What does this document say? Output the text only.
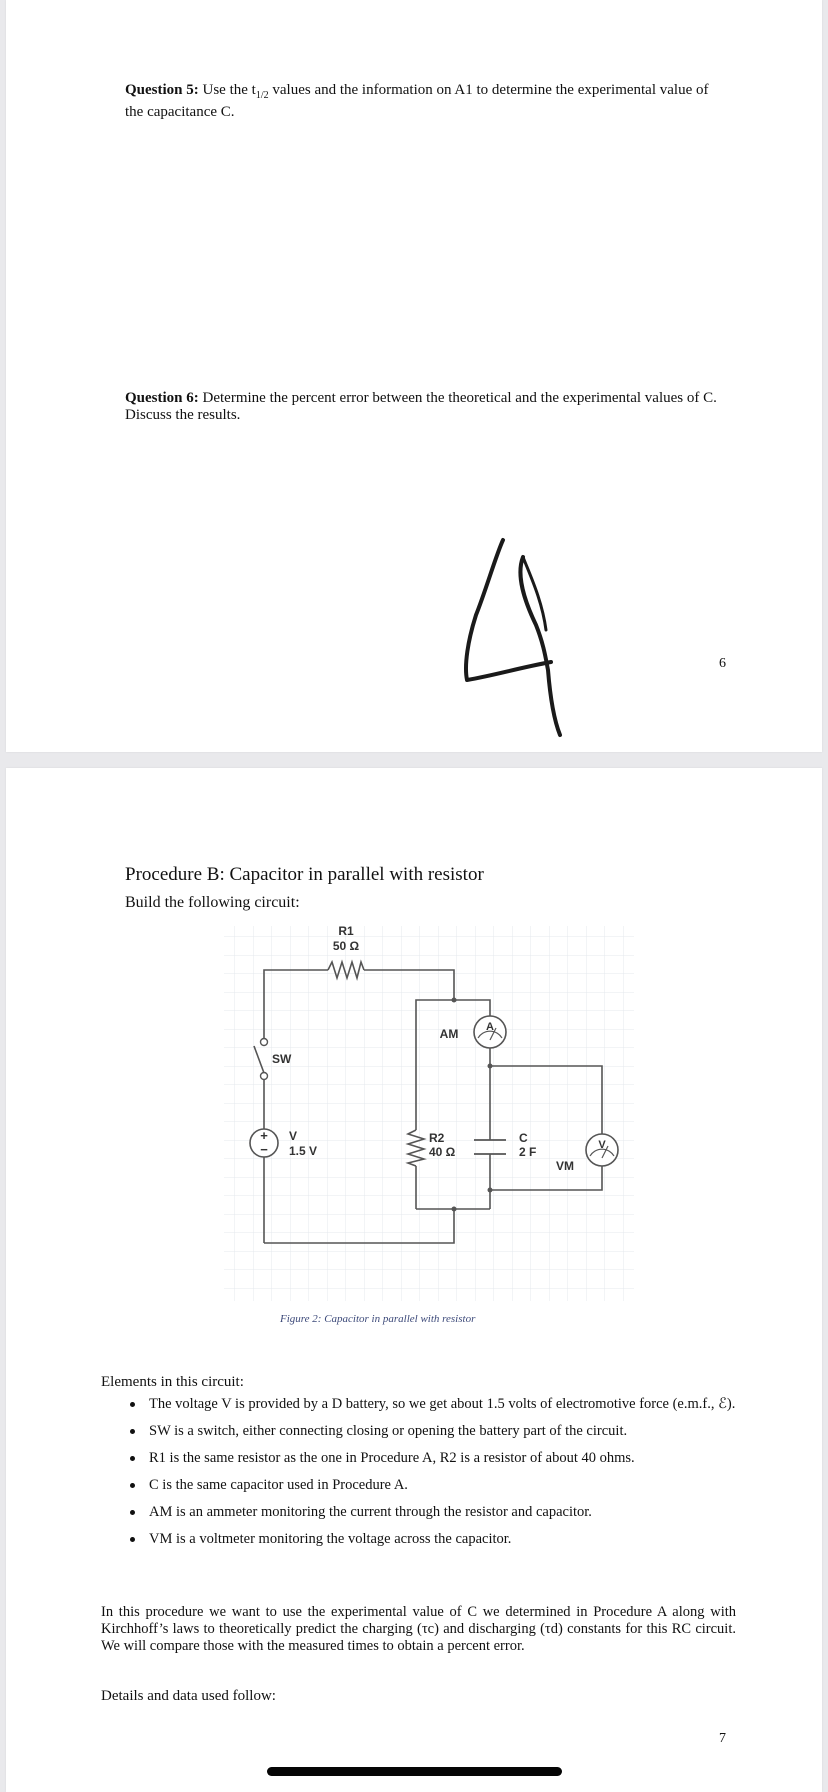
Question 5: Use the $t_{1/2}$ values and the information on A1 to determine the experimental value of the capacitance C.
Question 6: Determine the percent error between the theoretical and the experimental values of C. Discuss the results.
6
Procedure B: Capacitor in parallel with resistor
Build the following circuit:
R1
50 Ω
SW
+
−
V
1.5 V
A
AM
R2
40 Ω
C
2 F	V
VM
Figure 2: Capacitor in parallel with resistor
Elements in this circuit:
The voltage V is provided by a D battery, so we get about 1.5 volts of electromotive force (e.m.f., ℰ).
SW is a switch, either connecting closing or opening the battery part of the circuit.
R1 is the same resistor as the one in Procedure A, R2 is a resistor of about 40 ohms.
C is the same capacitor used in Procedure A.
AM is an ammeter monitoring the current through the resistor and capacitor.
VM is a voltmeter monitoring the voltage across the capacitor.
In this procedure we want to use the experimental value of C we determined in Procedure A along with Kirchhoff’s laws to theoretically predict the charging (τc) and discharging (τd) constants for this RC circuit. We will compare those with the measured times to obtain a percent error.
Details and data used follow:
7
